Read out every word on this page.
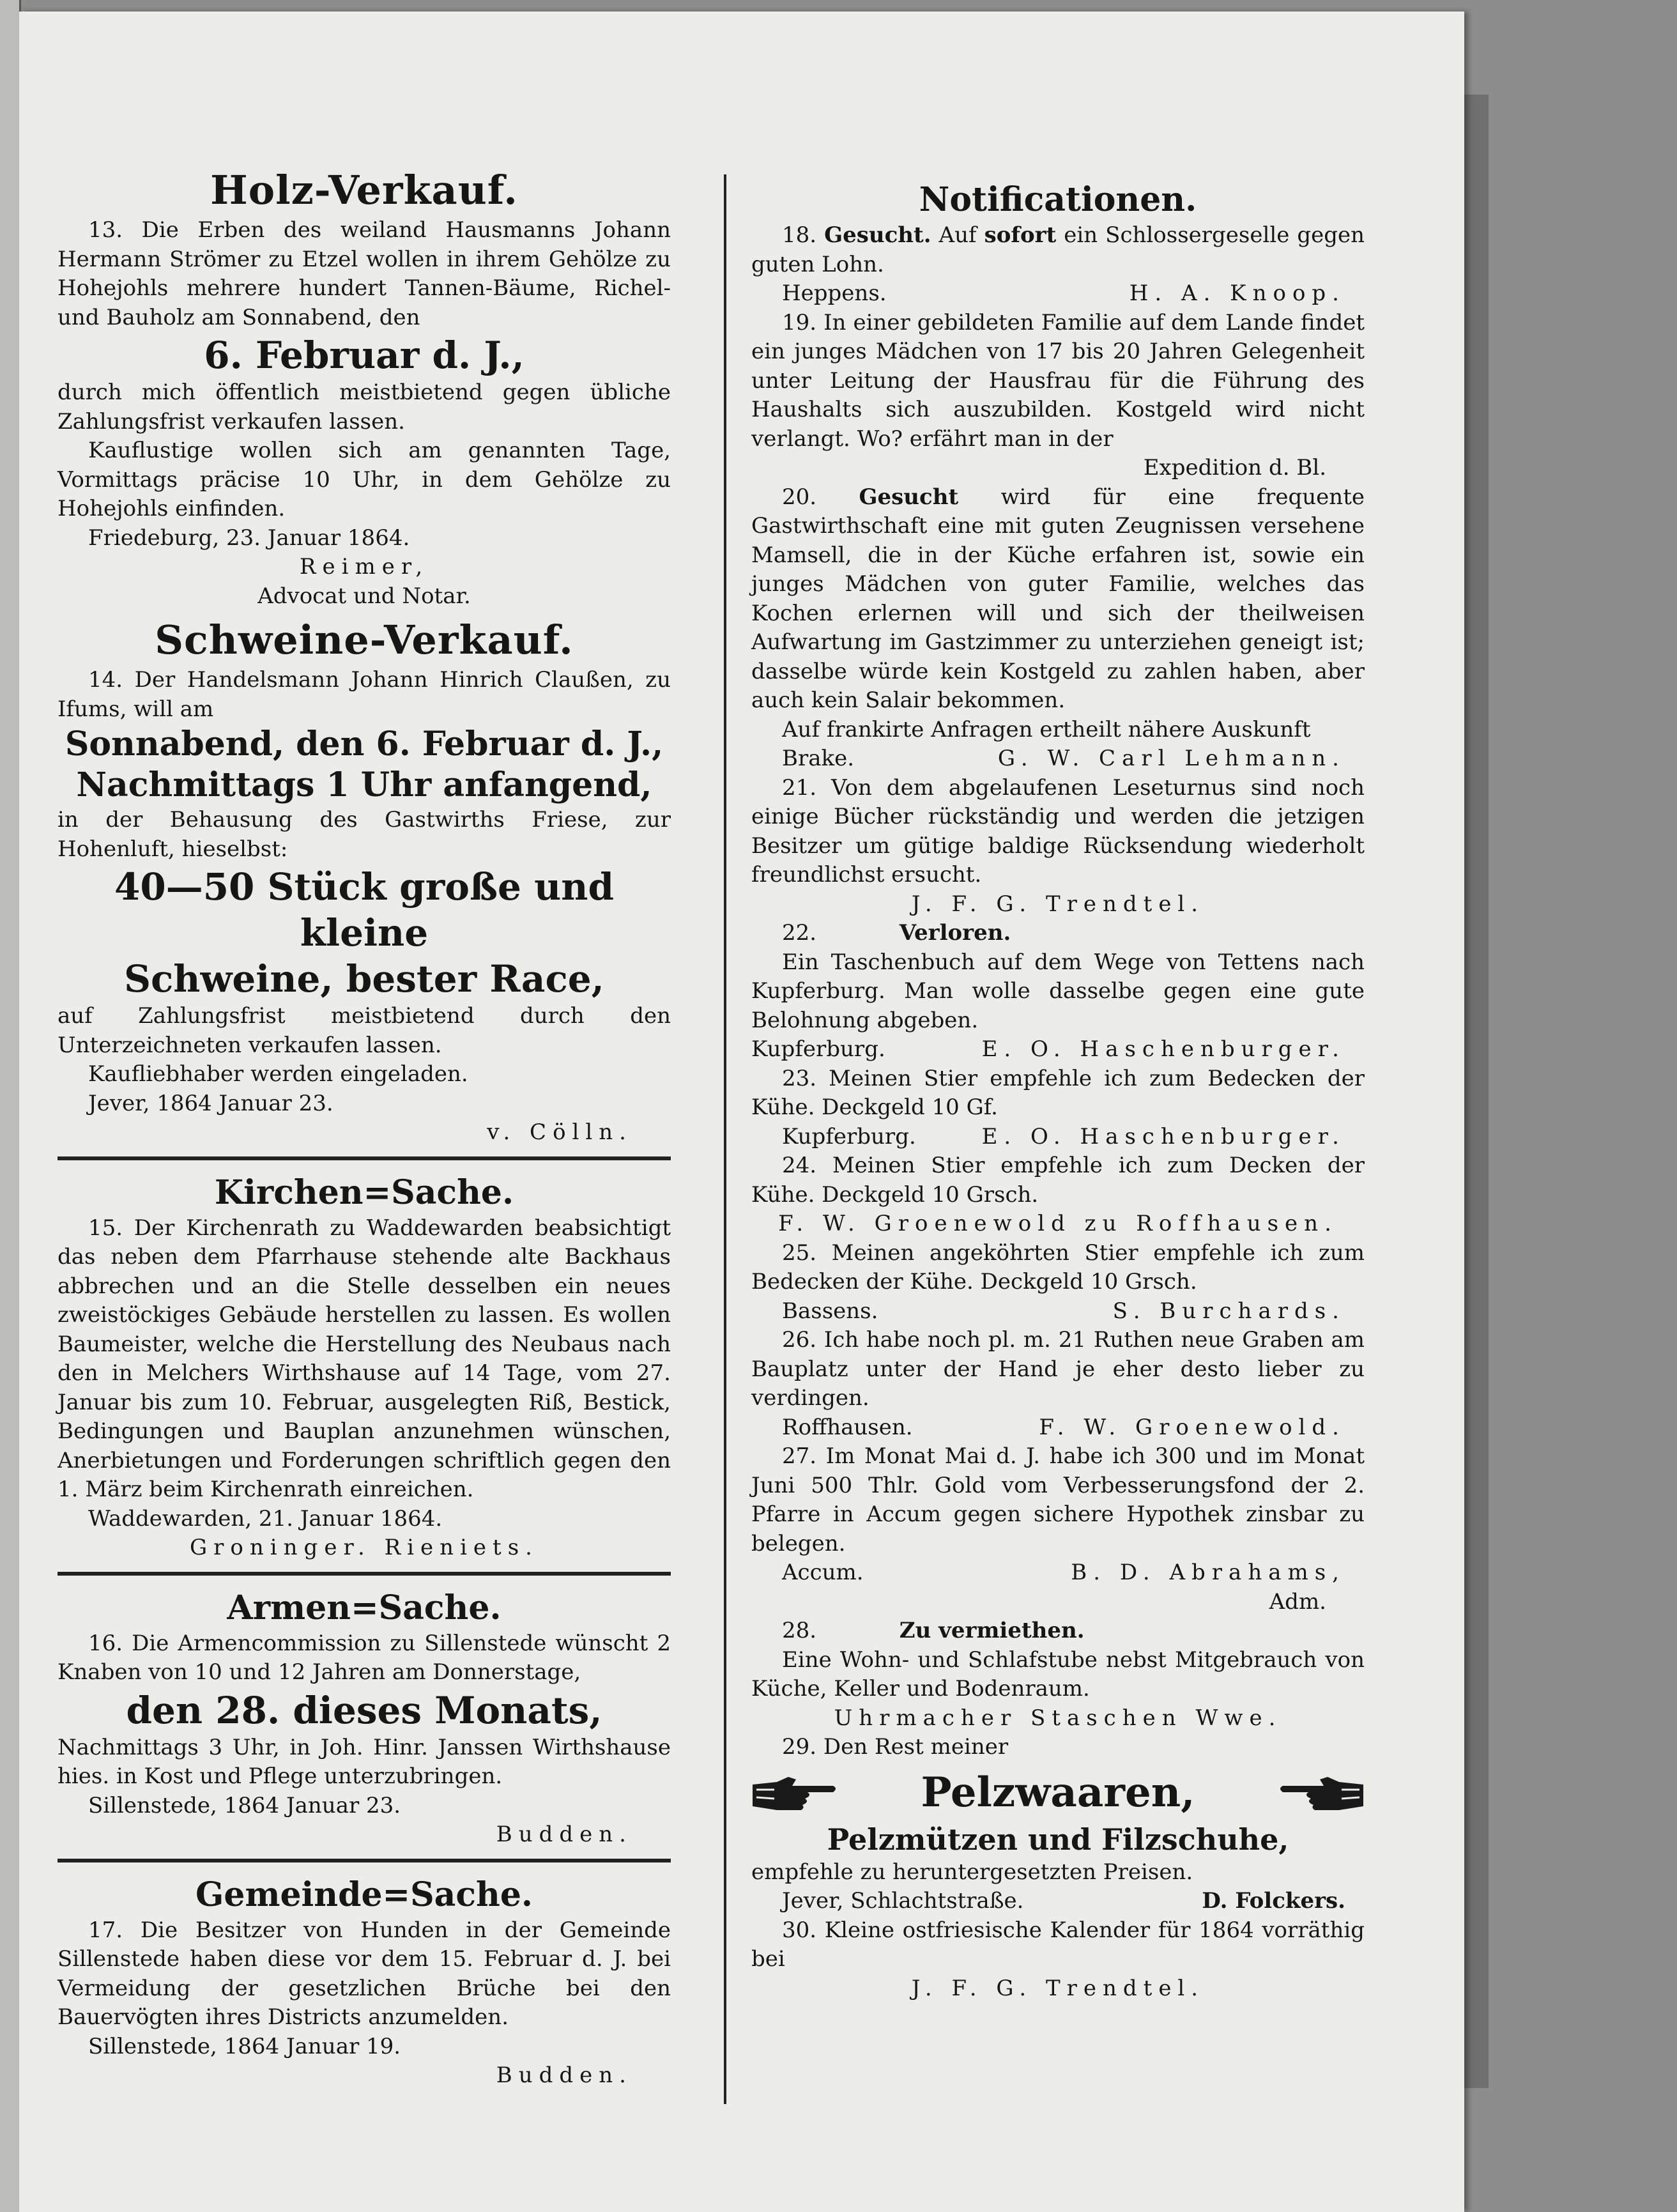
Holz-Verkauf.

13. Die Erben des weiland Hausmanns Johann Hermann Strömer zu Etzel wollen in ihrem Gehölze zu Hohejohls mehrere hundert Tannen-Bäume, Richel- und Bauholz am Sonnabend, den

6. Februar d. J.,

durch mich öffentlich meistbietend gegen übliche Zahlungsfrist verkaufen lassen.

Kauflustige wollen sich am genannten Tage, Vormittags präcise 10 Uhr, in dem Gehölze zu Hohejohls einfinden.

Friedeburg, 23. Januar 1864.

Reimer,

Advocat und Notar.

Schweine-Verkauf.

14. Der Handelsmann Johann Hinrich Claußen, zu Ifums, will am

Sonnabend, den 6. Februar d. J.,
Nachmittags 1 Uhr anfangend,

in der Behausung des Gastwirths Friese, zur Hohenluft, hieselbst:

40—50 Stück große und kleine
Schweine, bester Race,

auf Zahlungsfrist meistbietend durch den Unterzeichneten verkaufen lassen.

Kaufliebhaber werden eingeladen.

Jever, 1864 Januar 23.

v. Cölln.

Kirchen=Sache.

15. Der Kirchenrath zu Waddewarden beabsichtigt das neben dem Pfarrhause stehende alte Backhaus abbrechen und an die Stelle desselben ein neues zweistöckiges Gebäude herstellen zu lassen. Es wollen Baumeister, welche die Herstellung des Neubaus nach den in Melchers Wirthshause auf 14 Tage, vom 27. Januar bis zum 10. Februar, ausgelegten Riß, Bestick, Bedingungen und Bauplan anzunehmen wünschen, Anerbietungen und Forderungen schriftlich gegen den 1. März beim Kirchenrath einreichen.

Waddewarden, 21. Januar 1864.

Groninger. Rieniets.

Armen=Sache.

16. Die Armencommission zu Sillenstede wünscht 2 Knaben von 10 und 12 Jahren am Donnerstage,

den 28. dieses Monats,

Nachmittags 3 Uhr, in Joh. Hinr. Janssen Wirthshause hies. in Kost und Pflege unterzubringen.

Sillenstede, 1864 Januar 23.

Budden.

Gemeinde=Sache.

17. Die Besitzer von Hunden in der Gemeinde Sillenstede haben diese vor dem 15. Februar d. J. bei Vermeidung der gesetzlichen Brüche bei den Bauervögten ihres Districts anzumelden.

Sillenstede, 1864 Januar 19.

Budden.

Notificationen.

18. Gesucht. Auf sofort ein Schlossergeselle gegen guten Lohn.

Heppens.	H. A. Knoop.

19. In einer gebildeten Familie auf dem Lande findet ein junges Mädchen von 17 bis 20 Jahren Gelegenheit unter Leitung der Hausfrau für die Führung des Haushalts sich auszubilden. Kostgeld wird nicht verlangt. Wo? erfährt man in der

Expedition d. Bl.

20. Gesucht wird für eine frequente Gastwirthschaft eine mit guten Zeugnissen versehene Mamsell, die in der Küche erfahren ist, sowie ein junges Mädchen von guter Familie, welches das Kochen erlernen will und sich der theilweisen Aufwartung im Gastzimmer zu unterziehen geneigt ist; dasselbe würde kein Kostgeld zu zahlen haben, aber auch kein Salair bekommen.

Auf frankirte Anfragen ertheilt nähere Auskunft

Brake.	G. W. Carl Lehmann.

21. Von dem abgelaufenen Leseturnus sind noch einige Bücher rückständig und werden die jetzigen Besitzer um gütige baldige Rücksendung wiederholt freundlichst ersucht.

J. F. G. Trendtel.

22.	Verloren.

Ein Taschenbuch auf dem Wege von Tettens nach Kupferburg. Man wolle dasselbe gegen eine gute Belohnung abgeben.

Kupferburg.	E. O. Haschenburger.

23. Meinen Stier empfehle ich zum Bedecken der Kühe. Deckgeld 10 Gf.

Kupferburg.	E. O. Haschenburger.

24. Meinen Stier empfehle ich zum Decken der Kühe. Deckgeld 10 Grsch.

F. W. Groenewold zu Roffhausen.

25. Meinen angeköhrten Stier empfehle ich zum Bedecken der Kühe. Deckgeld 10 Grsch.

Bassens.	S. Burchards.

26. Ich habe noch pl. m. 21 Ruthen neue Graben am Bauplatz unter der Hand je eher desto lieber zu verdingen.

Roffhausen.	F. W. Groenewold.

27. Im Monat Mai d. J. habe ich 300 und im Monat Juni 500 Thlr. Gold vom Verbesserungsfond der 2. Pfarre in Accum gegen sichere Hypothek zinsbar zu belegen.

Accum.	B. D. Abrahams,

Adm.

28.	Zu vermiethen.

Eine Wohn- und Schlafstube nebst Mitgebrauch von Küche, Keller und Bodenraum.

Uhrmacher Staschen Wwe.

29. Den Rest meiner

Pelzwaaren,
Pelzmützen und Filzschuhe,

empfehle zu heruntergesetzten Preisen.

Jever, Schlachtstraße.	D. Folckers.

30. Kleine ostfriesische Kalender für 1864 vorräthig bei

J. F. G. Trendtel.
